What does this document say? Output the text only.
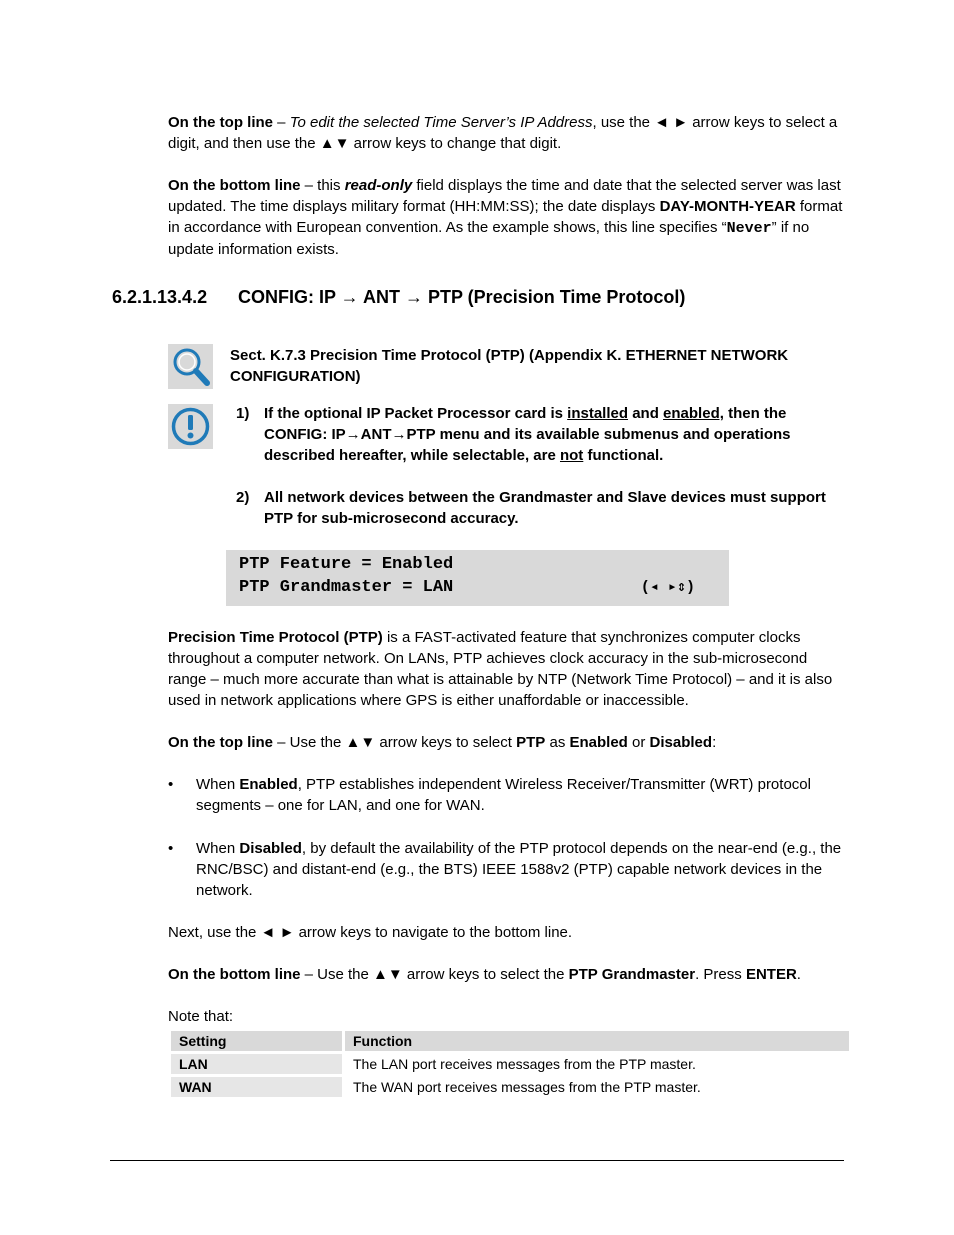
On the top line – To edit the selected Time Server’s IP Address, use the ◄ ► arrow keys to select a digit, and then use the ▲▼ arrow keys to change that digit.
On the bottom line – this read-only field displays the time and date that the selected server was last updated. The time displays military format (HH:MM:SS); the date displays DAY-MONTH-YEAR format in accordance with European convention. As the example shows, this line specifies “Never” if no update information exists.
6.2.1.13.4.2 CONFIG: IP → ANT → PTP (Precision Time Protocol)
Sect. K.7.3 Precision Time Protocol (PTP) (Appendix K. ETHERNET NETWORK CONFIGURATION)
1) If the optional IP Packet Processor card is installed and enabled, then the CONFIG: IP→ANT→PTP menu and its available submenus and operations described hereafter, while selectable, are not functional.
2) All network devices between the Grandmaster and Slave devices must support PTP for sub-microsecond accuracy.
PTP Feature = Enabled
PTP Grandmaster = LAN	(◂ ▸⇕)
Precision Time Protocol (PTP) is a FAST-activated feature that synchronizes computer clocks throughout a computer network. On LANs, PTP achieves clock accuracy in the sub-microsecond range – much more accurate than what is attainable by NTP (Network Time Protocol) – and it is also used in network applications where GPS is either unaffordable or inaccessible.
On the top line – Use the ▲▼ arrow keys to select PTP as Enabled or Disabled:
• When Enabled, PTP establishes independent Wireless Receiver/Transmitter (WRT) protocol segments – one for LAN, and one for WAN.
• When Disabled, by default the availability of the PTP protocol depends on the near-end (e.g., the RNC/BSC) and distant-end (e.g., the BTS) IEEE 1588v2 (PTP) capable network devices in the network.
Next, use the ◄ ► arrow keys to navigate to the bottom line.
On the bottom line – Use the ▲▼ arrow keys to select the PTP Grandmaster. Press ENTER.
Note that:
Setting	Function
LAN	The LAN port receives messages from the PTP master.
WAN	The WAN port receives messages from the PTP master.
